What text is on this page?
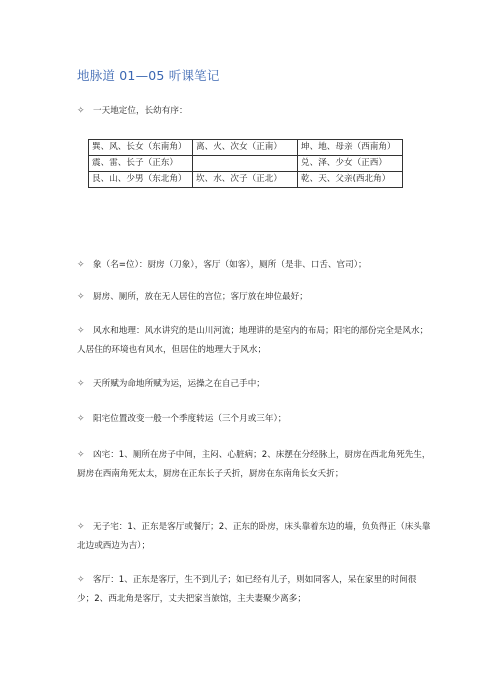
地脉道 01—05 听课笔记
✧ 一天地定位，长幼有序：
巽、风、长女（东南角）	离、火、次女（正南）	坤、地、母亲（西南角）
震、雷、长子（正东）		兑、泽、少女（正西）
艮、山、少男（东北角）	坎、水、次子（正北）	乾、天、父亲(西北角）
✧ 象（名=位）：厨房（刀象），客厅（如客），厕所（是非、口舌、官司）；
✧ 厨房、厕所，放在无人居住的宫位；客厅放在坤位最好；
✧ 风水和地理：风水讲究的是山川河流；地理讲的是室内的布局；阳宅的部份完全是风水；人居住的环境也有风水，但居住的地理大于风水；
✧ 天所赋为命地所赋为运，运操之在自己手中；
✧ 阳宅位置改变一般一个季度转运（三个月或三年）；
✧ 凶宅：1、厕所在房子中间，主闷、心脏病；2、床摆在分经脉上，厨房在西北角死先生，厨房在西南角死太太，厨房在正东长子夭折，厨房在东南角长女夭折；
✧ 无子宅：1、正东是客厅或餐厅；2、正东的卧房，床头靠着东边的墙，负负得正（床头靠北边或西边为吉）；
✧ 客厅：1、正东是客厅，生不到儿子；如已经有儿子，则如同客人，呆在家里的时间很少；2、西北角是客厅，丈夫把家当旅馆，主夫妻聚少离多；
